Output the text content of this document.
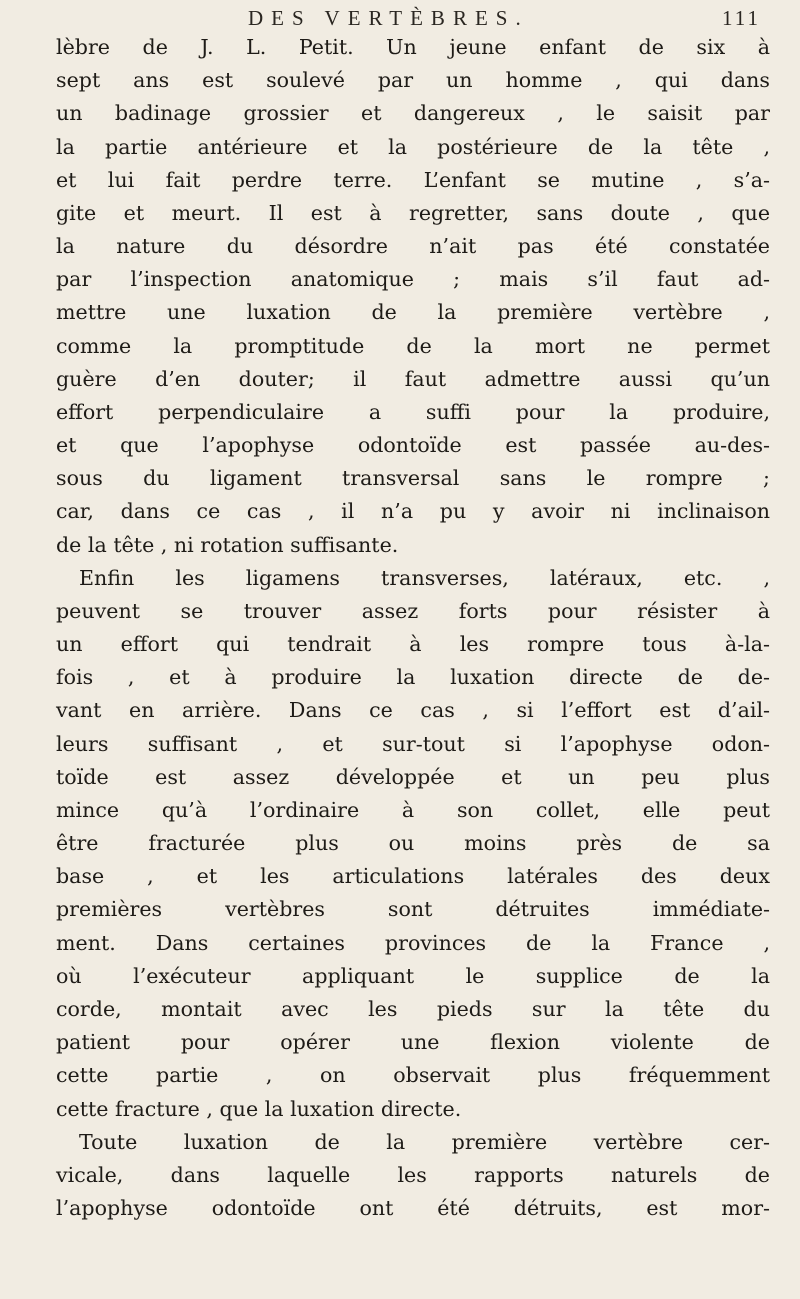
DES VERTÈBRES.	111
lèbre de J. L. Petit. Un jeune enfant de six à
sept ans est soulevé par un homme , qui dans
un badinage grossier et dangereux , le saisit par
la partie antérieure et la postérieure de la tête ,
et lui fait perdre terre. L’enfant se mutine , s’a-
gite et meurt. Il est à regretter, sans doute , que
la nature du désordre n’ait pas été constatée
par l’inspection anatomique ; mais s’il faut ad-
mettre une luxation de la première vertèbre ,
comme la promptitude de la mort ne permet
guère d’en douter; il faut admettre aussi qu’un
effort perpendiculaire a suffi pour la produire,
et que l’apophyse odontoïde est passée au-des-
sous du ligament transversal sans le rompre ;
car, dans ce cas , il n’a pu y avoir ni inclinaison
de la tête , ni rotation suffisante.
Enfin les ligamens transverses, latéraux, etc. ,
peuvent se trouver assez forts pour résister à
un effort qui tendrait à les rompre tous à-la-
fois , et à produire la luxation directe de de-
vant en arrière. Dans ce cas , si l’effort est d’ail-
leurs suffisant , et sur-tout si l’apophyse odon-
toïde est assez développée et un peu plus
mince qu’à l’ordinaire à son collet, elle peut
être fracturée plus ou moins près de sa
base , et les articulations latérales des deux
premières vertèbres sont détruites immédiate-
ment. Dans certaines provinces de la France ,
où l’exécuteur appliquant le supplice de la
corde, montait avec les pieds sur la tête du
patient pour opérer une flexion violente de
cette partie , on observait plus fréquemment
cette fracture , que la luxation directe.
Toute luxation de la première vertèbre cer-
vicale, dans laquelle les rapports naturels de
l’apophyse odontoïde ont été détruits, est mor-
